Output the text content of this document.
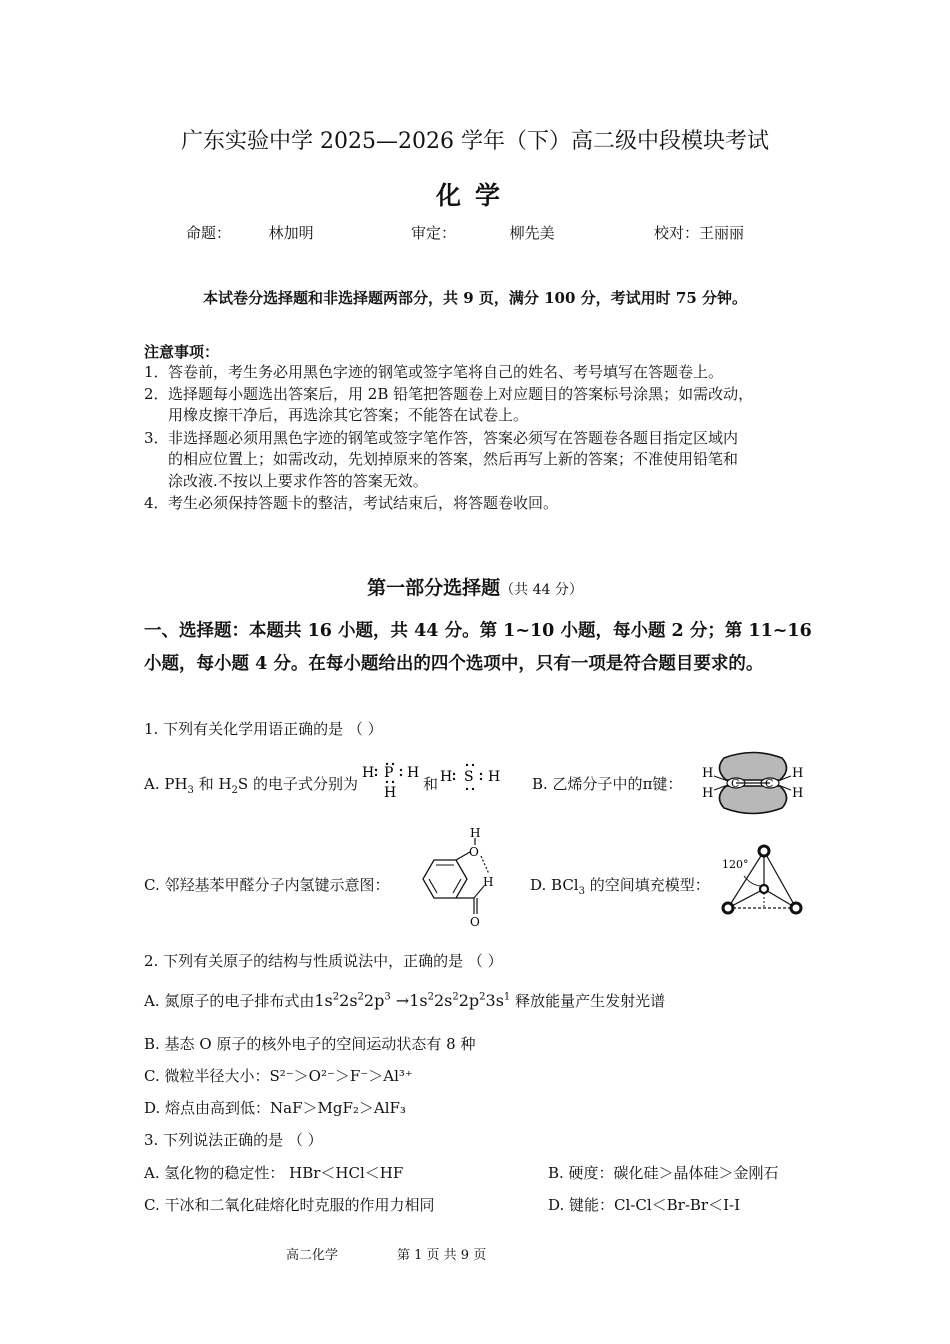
广东实验中学 2025—2026 学年（下）高二级中段模块考试
化学
命题：	林加明	审定：	柳先美	校对：王丽丽
本试卷分选择题和非选择题两部分，共 9 页，满分 100 分，考试用时 75 分钟。
注意事项：
1．答卷前，考生务必用黑色字迹的钢笔或签字笔将自己的姓名、考号填写在答题卷上。
2．选择题每小题选出答案后，用 2B 铅笔把答题卷上对应题目的答案标号涂黑；如需改动，
用橡皮擦干净后，再选涂其它答案；不能答在试卷上。
3．非选择题必须用黑色字迹的钢笔或签字笔作答，答案必须写在答题卷各题目指定区域内
的相应位置上；如需改动，先划掉原来的答案，然后再写上新的答案；不准使用铅笔和
涂改液.不按以上要求作答的答案无效。
4．考生必须保持答题卡的整洁，考试结束后，将答题卷收回。
第一部分选择题（共 44 分）
一、选择题：本题共 16 小题，共 44 分。第 1~10 小题，每小题 2 分；第 11~16
小题，每小题 4 分。在每小题给出的四个选项中，只有一项是符合题目要求的。
1. 下列有关化学用语正确的是 （ ）
A. $PH_3$ 和 $H_2S$ 的电子式分别为
H P H
H 和 H S H B. 乙烯分子中的π键：	C C
H
H
H
H
C. 邻羟基苯甲醛分子内氢键示意图：
O
H
O
H D. BCl$_3$ 的空间填充模型：
120°
2. 下列有关原子的结构与性质说法中，正确的是 （ ）
A. 氮原子的电子排布式由$1s^22s^22p^3 \to 1s^22s^22p^23s^1$ 释放能量产生发射光谱
B. 基态 O 原子的核外电子的空间运动状态有 8 种
C. 微粒半径大小：S²⁻＞O²⁻＞F⁻＞Al³⁺
D. 熔点由高到低：NaF＞MgF₂＞AlF₃
3. 下列说法正确的是 （ ）
A. 氢化物的稳定性： HBr＜HCl＜HF	B. 硬度：碳化硅＞晶体硅＞金刚石
C. 干冰和二氧化硅熔化时克服的作用力相同	D. 键能：Cl-Cl＜Br-Br＜I-I
高二化学	第 1 页 共 9 页
